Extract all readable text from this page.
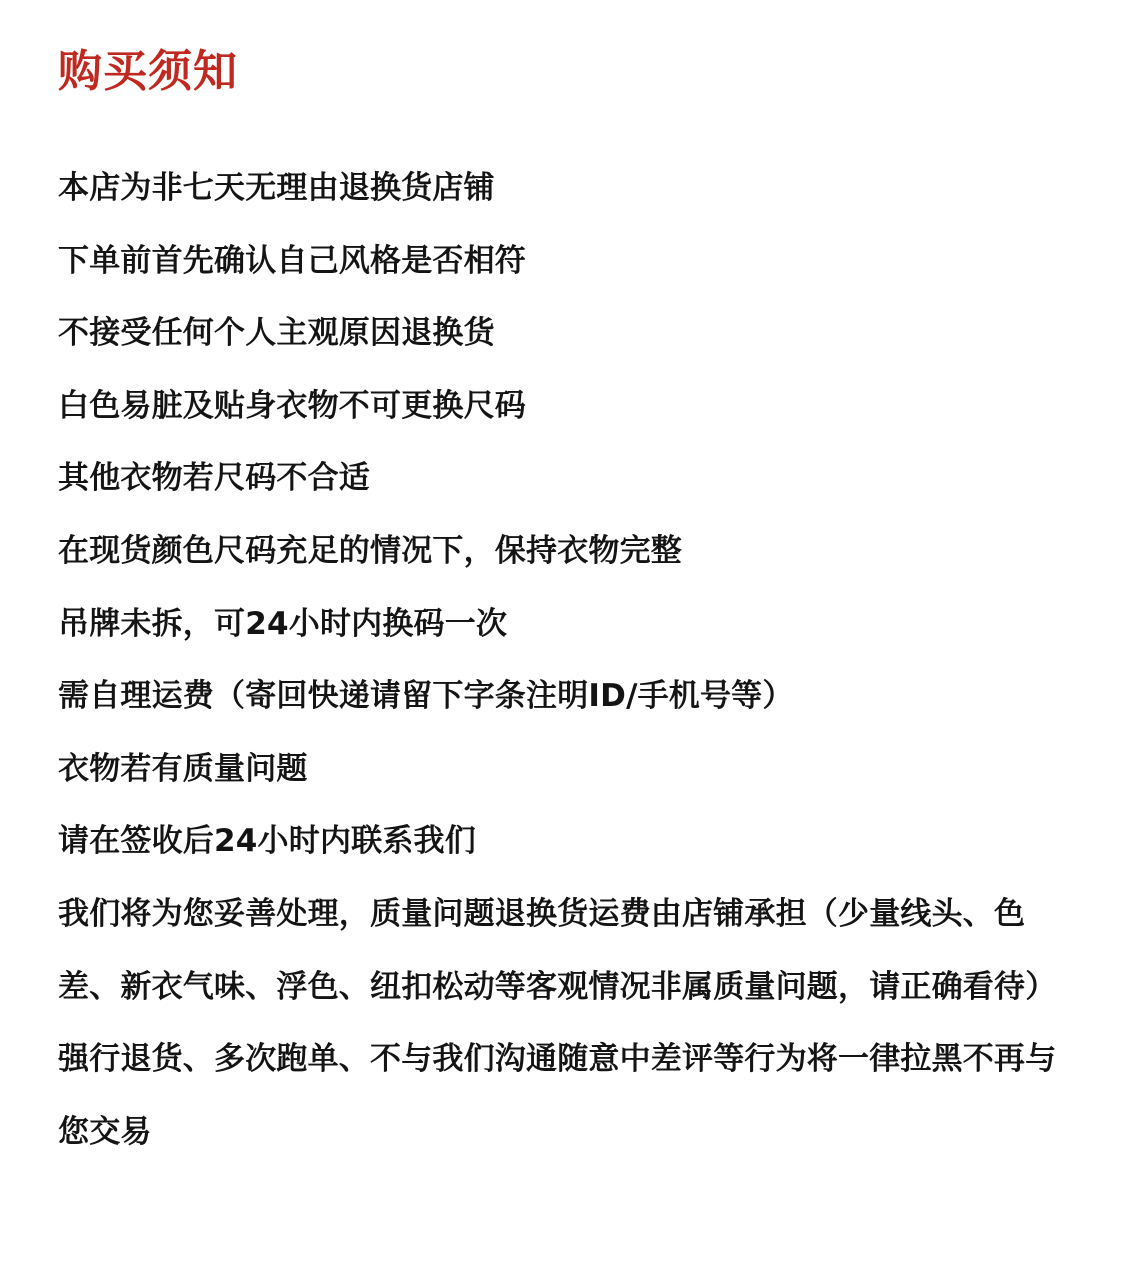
购买须知

本店为非七天无理由退换货店铺

下单前首先确认自己风格是否相符

不接受任何个人主观原因退换货

白色易脏及贴身衣物不可更换尺码

其他衣物若尺码不合适

在现货颜色尺码充足的情况下，保持衣物完整

吊牌未拆，可24小时内换码一次

需自理运费（寄回快递请留下字条注明ID/手机号等）

衣物若有质量问题

请在签收后24小时内联系我们

我们将为您妥善处理，质量问题退换货运费由店铺承担（少量线头、色差、新衣气味、浮色、纽扣松动等客观情况非属质量问题，请正确看待）

强行退货、多次跑单、不与我们沟通随意中差评等行为将一律拉黑不再与您交易
